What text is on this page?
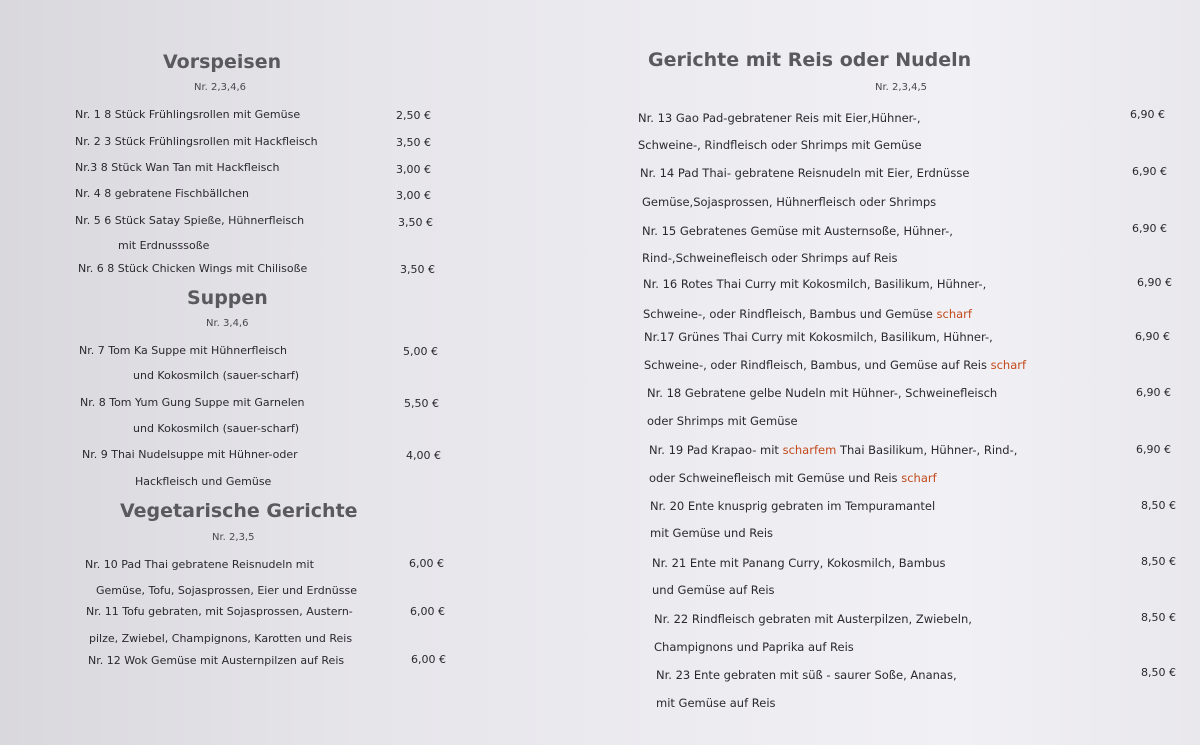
Vorspeisen
Nr. 2,3,4,6
Nr. 1 8 Stück Frühlingsrollen mit Gemüse	2,50 €
Nr. 2 3 Stück Frühlingsrollen mit Hackfleisch	3,50 €
Nr.3 8 Stück Wan Tan mit Hackfleisch	3,00 €
Nr. 4 8 gebratene Fischbällchen	3,00 €
Nr. 5 6 Stück Satay Spieße, Hühnerfleisch
mit Erdnusssoße
3,50 €
Nr. 6 8 Stück Chicken Wings mit Chilisoße	3,50 €
Suppen
Nr. 3,4,6
Nr. 7 Tom Ka Suppe mit Hühnerfleisch
und Kokosmilch (sauer-scharf)
5,00 €
Nr. 8 Tom Yum Gung Suppe mit Garnelen
und Kokosmilch (sauer-scharf)
5,50 €
Nr. 9 Thai Nudelsuppe mit Hühner-oder
Hackfleisch und Gemüse
4,00 €
Vegetarische Gerichte
Nr. 2,3,5
Nr. 10 Pad Thai gebratene Reisnudeln mit
Gemüse, Tofu, Sojasprossen, Eier und Erdnüsse
6,00 €
Nr. 11 Tofu gebraten, mit Sojasprossen, Austern-
pilze, Zwiebel, Champignons, Karotten und Reis
6,00 €
Nr. 12 Wok Gemüse mit Austernpilzen auf Reis	6,00 €
Gerichte mit Reis oder Nudeln
Nr. 2,3,4,5
Nr. 13 Gao Pad-gebratener Reis mit Eier,Hühner-,
Schweine-, Rindfleisch oder Shrimps mit Gemüse
6,90 €
Nr. 14 Pad Thai- gebratene Reisnudeln mit Eier, Erdnüsse
Gemüse,Sojasprossen, Hühnerfleisch oder Shrimps
6,90 €
Nr. 15 Gebratenes Gemüse mit Austernsoße, Hühner-,
Rind-,Schweinefleisch oder Shrimps auf Reis
6,90 €
Nr. 16 Rotes Thai Curry mit Kokosmilch, Basilikum, Hühner-,
Schweine-, oder Rindfleisch, Bambus und Gemüse scharf
6,90 €
Nr.17 Grünes Thai Curry mit Kokosmilch, Basilikum, Hühner-,
Schweine-, oder Rindfleisch, Bambus, und Gemüse auf Reis scharf
6,90 €
Nr. 18 Gebratene gelbe Nudeln mit Hühner-, Schweinefleisch
oder Shrimps mit Gemüse
6,90 €
Nr. 19 Pad Krapao- mit scharfem Thai Basilikum, Hühner-, Rind-,
oder Schweinefleisch mit Gemüse und Reis scharf
6,90 €
Nr. 20 Ente knusprig gebraten im Tempuramantel
mit Gemüse und Reis
8,50 €
Nr. 21 Ente mit Panang Curry, Kokosmilch, Bambus
und Gemüse auf Reis
8,50 €
Nr. 22 Rindfleisch gebraten mit Austerpilzen, Zwiebeln,
Champignons und Paprika auf Reis
8,50 €
Nr. 23 Ente gebraten mit süß - saurer Soße, Ananas,
mit Gemüse auf Reis
8,50 €
